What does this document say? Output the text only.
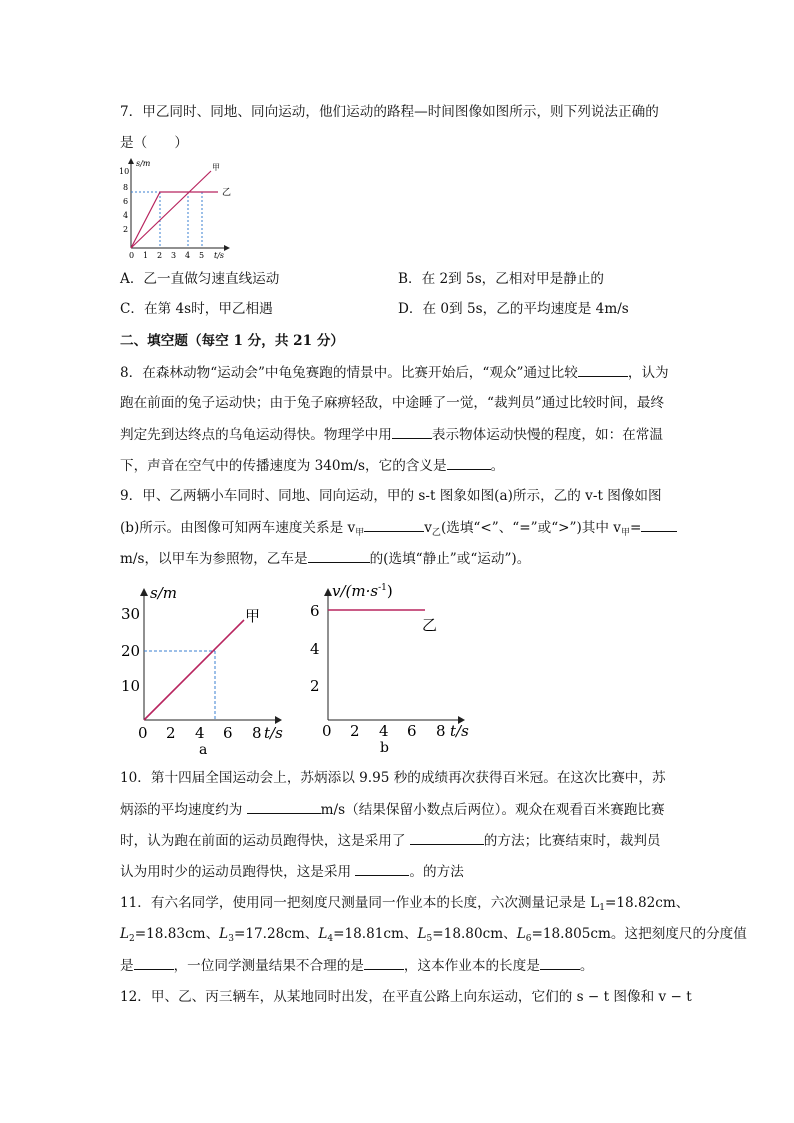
7．甲乙同时、同地、同向运动，他们运动的路程—时间图像如图所示，则下列说法正确的
是（　　）
s/m
t/s
10
8
6
4
2
0 1 2 3 4 5
甲
乙
A．乙一直做匀速直线运动	B．在 2到 5s，乙相对甲是静止的
C．在第 4s时，甲乙相遇	D．在 0到 5s，乙的平均速度是 4m/s
二、填空题（每空 1 分，共 21 分）
8．在森林动物“运动会”中龟兔赛跑的情景中。比赛开始后，“观众”通过比较	，认为
跑在前面的兔子运动快；由于兔子麻痹轻敌，中途睡了一觉，“裁判员”通过比较时间，最终
判定先到达终点的乌龟运动得快。物理学中用	表示物体运动快慢的程度，如：在常温
下，声音在空气中的传播速度为 340m/s，它的含义是	。
9．甲、乙两辆小车同时、同地、同向运动，甲的 s-t 图象如图(a)所示，乙的 v-t 图像如图
(b)所示。由图像可知两车速度关系是 $v_甲$	$v_乙$(选填“<”、“=”或“>”)其中 $v_甲=$
m/s，以甲车为参照物，乙车是	的(选填“静止”或“运动”)。
s/m
t/s
30
20
10
0 2 4 6 8
甲
a
$v/(m\cdot s^{-1})$
t/s
6
4
2
0 2 4 6 8
乙
b
10．第十四届全国运动会上，苏炳添以 9.95 秒的成绩再次获得百米冠。在这次比赛中，苏
炳添的平均速度约为	m/s（结果保留小数点后两位）。观众在观看百米赛跑比赛
时，认为跑在前面的运动员跑得快，这是采用了	的方法；比赛结束时，裁判员
认为用时少的运动员跑得快，这是采用	。的方法
11．有六名同学，使用同一把刻度尺测量同一作业本的长度，六次测量记录是 $L_1=18.82cm$、
$L_2=18.83cm$、$L_3=17.28cm$、$L_4=18.81cm$、$L_5=18.80cm$、$L_6=18.805cm$。这把刻度尺的分度值
是	，一位同学测量结果不合理的是	，这本作业本的长度是	。
12．甲、乙、丙三辆车，从某地同时出发，在平直公路上向东运动，它们的 s − t 图像和 v − t
